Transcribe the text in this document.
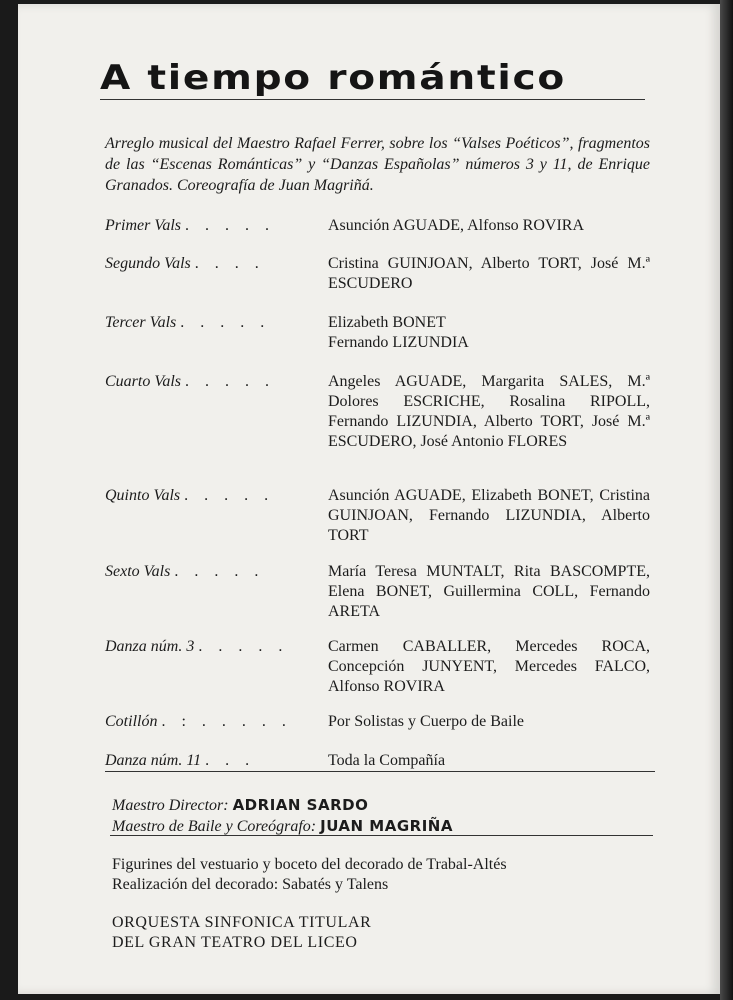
A tiempo romántico
Arreglo musical del Maestro Rafael Ferrer, sobre los “Valses Poéticos”, fragmentos de las “Escenas Románticas” y “Danzas Españolas” números 3 y 11, de Enrique Granados. Coreografía de Juan Magriñá.
Primer Vals . . . . .	Asunción AGUADE, Alfonso ROVIRA
Segundo Vals . . . .	Cristina GUINJOAN, Alberto TORT, José M.ª ESCUDERO
Tercer Vals . . . . .	Elizabeth BONET
Fernando LIZUNDIA
Cuarto Vals . . . . .	Angeles AGUADE, Margarita SALES, M.ª Dolores ESCRICHE, Rosalina RIPOLL, Fernando LIZUNDIA, Alberto TORT, José M.ª ESCUDERO, José Antonio FLORES
Quinto Vals . . . . .	Asunción AGUADE, Elizabeth BONET, Cristina GUINJOAN, Fernando LIZUNDIA, Alberto TORT
Sexto Vals . . . . .	María Teresa MUNTALT, Rita BASCOMPTE, Elena BONET, Guillermina COLL, Fernando ARETA
Danza núm. 3 . . . . .	Carmen CABALLER, Mercedes ROCA, Concepción JUNYENT, Mercedes FALCO, Alfonso ROVIRA
Cotillón . : . . . . .	Por Solistas y Cuerpo de Baile
Danza núm. 11 . . .	Toda la Compañía
Maestro Director: ADRIAN SARDO
Maestro de Baile y Coreógrafo: JUAN MAGRIÑA
Figurines del vestuario y boceto del decorado de Trabal-Altés
Realización del decorado: Sabatés y Talens
ORQUESTA SINFONICA TITULAR
DEL GRAN TEATRO DEL LICEO
